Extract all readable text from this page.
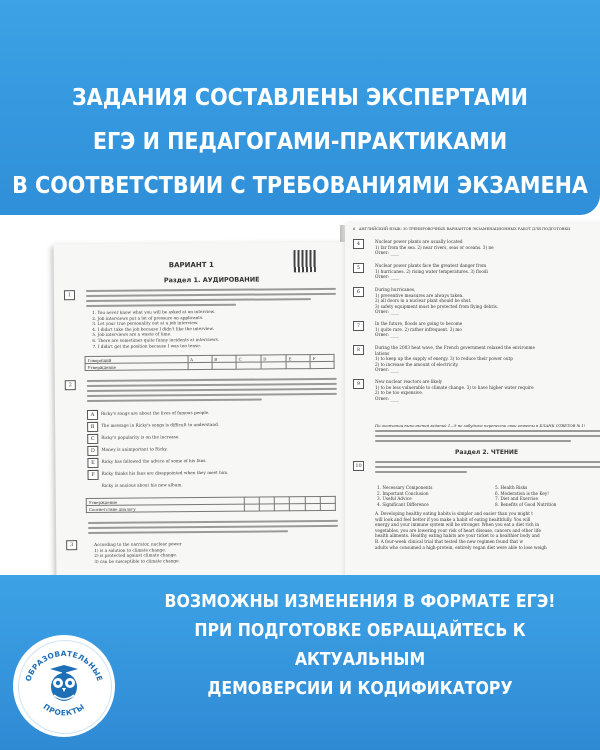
ЗАДАНИЯ СОСТАВЛЕНЫ ЭКСПЕРТАМИ
ЕГЭ И ПЕДАГОГАМИ-ПРАКТИКАМИ
В СООТВЕТСТВИИ С ТРЕБОВАНИЯМИ ЭКЗАМЕНА
ВАРИАНТ 1
Раздел 1. АУДИРОВАНИЕ
1
1. You never know what you will be asked at an interview.
2. Job interviews put a lot of pressure on applicants.
3. Let your true personality out at a job interview.
4. I didn't take the job because I didn't like the interview.
5. Job interviews are a waste of time.
6. There are sometimes quite funny incidents at interviews.
7. I didn't get the position because I was too tense.
Говорящий	A	B	C	D	E	F
Утверждение						
2
A	Ricky's songs are about the lives of famous people.
B	The message in Ricky's songs is difficult to understand.
C	Ricky's popularity is on the increase.
D	Money is unimportant to Ricky.
E	Ricky has followed the advice of some of his fans.
F	Ricky thinks his fans are disappointed when they meet him.
Ricky is anxious about his new album.
Утверждение						
Соответствие диалогу						
3	According to the narrator, nuclear power
1) is a solution to climate change.
2) is protected against climate change.
3) can be susceptible to climate change.
6 АНГЛИЙСКИЙ ЯЗЫК: 30 ТРЕНИРОВОЧНЫХ ВАРИАНТОВ ЭКЗАМЕНАЦИОННЫХ РАБОТ ДЛЯ ПОДГОТОВКИ
4	Nuclear power plants are usually located
1) far from the sea. 2) near rivers, seas or oceans. 3) ne
Ответ: ____
5	Nuclear power plants face the greatest danger from
1) hurricanes. 2) rising water temperatures. 3) floodi
Ответ: ____
6	During hurricanes,
1) preventive measures are always taken.
2) all doors in a nuclear plant should be shut.
3) safety equipment must be protected from flying debris.
Ответ: ____
7	In the future, floods are going to become
1) quite rare. 2) rather infrequent. 3) mo
Ответ: ____
8	During the 2003 heat wave, the French government relaxed the environme
lations
1) to keep up the supply of energy. 3) to reduce their power outp
2) to increase the amount of electricity.
Ответ: ____
9	New nuclear reactors are likely
1) to be less vulnerable to climate change. 3) to have higher water require
2) to be too expensive.
Ответ: ____
По окончании выполнения заданий 1—9 не забудьте перенести свои ответы в БЛАНК ОТВЕТОВ № 1!
Раздел 2. ЧТЕНИЕ
10
1. Necessary Components
2. Important Conclusion
3. Useful Advice
4. Significant Difference
5. Health Risks
6. Moderation is the Key!
7. Diet and Exercise
8. Benefits of Good Nutrition
A. Developing healthy eating habits is simpler and easier than you might t
will look and feel better if you make a habit of eating healthfully. You will
energy and your immune system will be stronger. When you eat a diet rich in
vegetables, you are lowering your risk of heart disease, cancers and other life
health ailments. Healthy eating habits are your ticket to a healthier body and
B. A four-week clinical trial that tested the new regimen found that w
adults who consumed a high-protein, entirely vegan diet were able to lose weigh
ВОЗМОЖНЫ ИЗМЕНЕНИЯ В ФОРМАТЕ ЕГЭ!
ПРИ ПОДГОТОВКЕ ОБРАЩАЙТЕСЬ К АКТУАЛЬНЫМ
ДЕМОВЕРСИИ И КОДИФИКАТОРУ
ОБРАЗОВАТЕЛЬНЫЕ
ПРОЕКТЫ
